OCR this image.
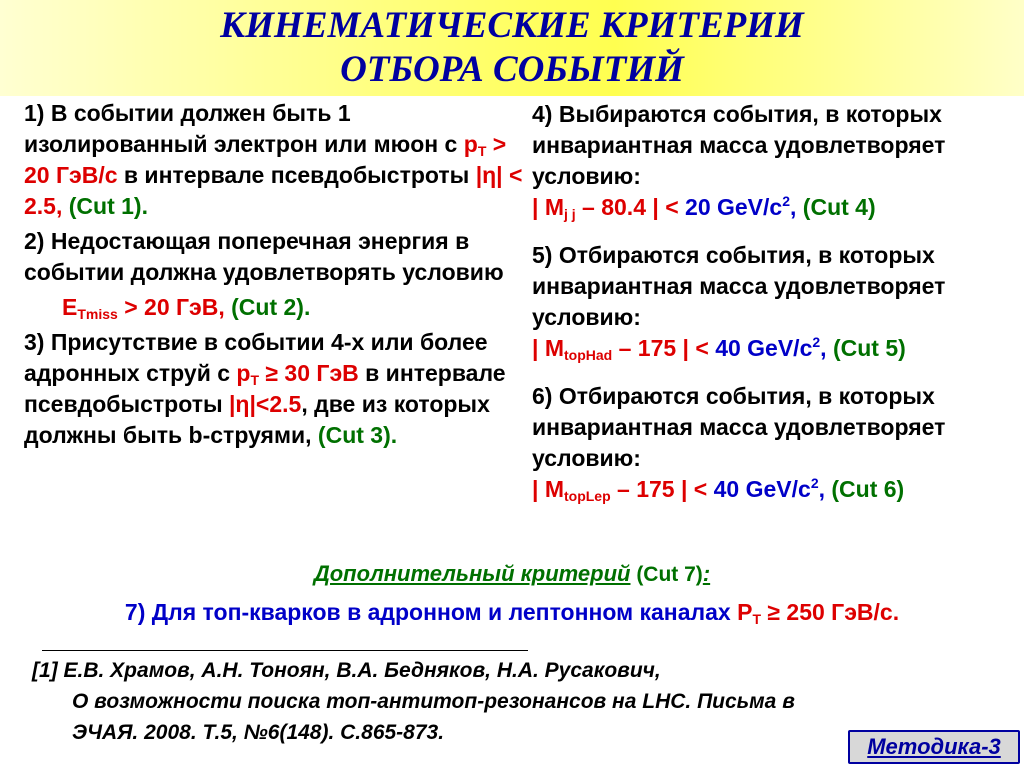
КИНЕМАТИЧЕСКИЕ КРИТЕРИИ
ОТБОРА СОБЫТИЙ

1) В событии должен быть 1 изолированный электрон или мюон с $p_T > 20$ ГэВ/с в интервале псевдобыстроты |η| < 2.5, (Cut 1).

2) Недостающая поперечная энергия в событии должна удовлетворять условию

$E_{Tmiss} > 20$ ГэВ, (Cut 2).

3) Присутствие в событии 4-х или более адронных струй с $p_T \ge 30$ ГэВ в интервале псевдобыстроты |η|<2.5, две из которых должны быть b-струями, (Cut 3).

4) Выбираются события, в которых инвариантная масса удовлетворяет условию:
| $M_{j j} - 80.4$ | < 20 GeV/$c^2$, (Cut 4)

5) Отбираются события, в которых инвариантная масса удовлетворяет условию:
| $M_{topHad} - 175$ | < 40 GeV/$c^2$, (Cut 5)

6) Отбираются события, в которых инвариантная масса удовлетворяет условию:
| $M_{topLep} - 175$ | < 40 GeV/$c^2$, (Cut 6)

Дополнительный критерий (Cut 7):
7) Для топ-кварков в адронном и лептонном каналах $P_T \ge 250$ ГэВ/с.
[1] Е.В. Храмов, А.Н. Тоноян, В.А. Бедняков, Н.А. Русакович,
О возможности поиска топ-антитоп-резонансов на LHC. Письма в
ЭЧАЯ. 2008. Т.5, №6(148). С.865-873.
Методика-3
